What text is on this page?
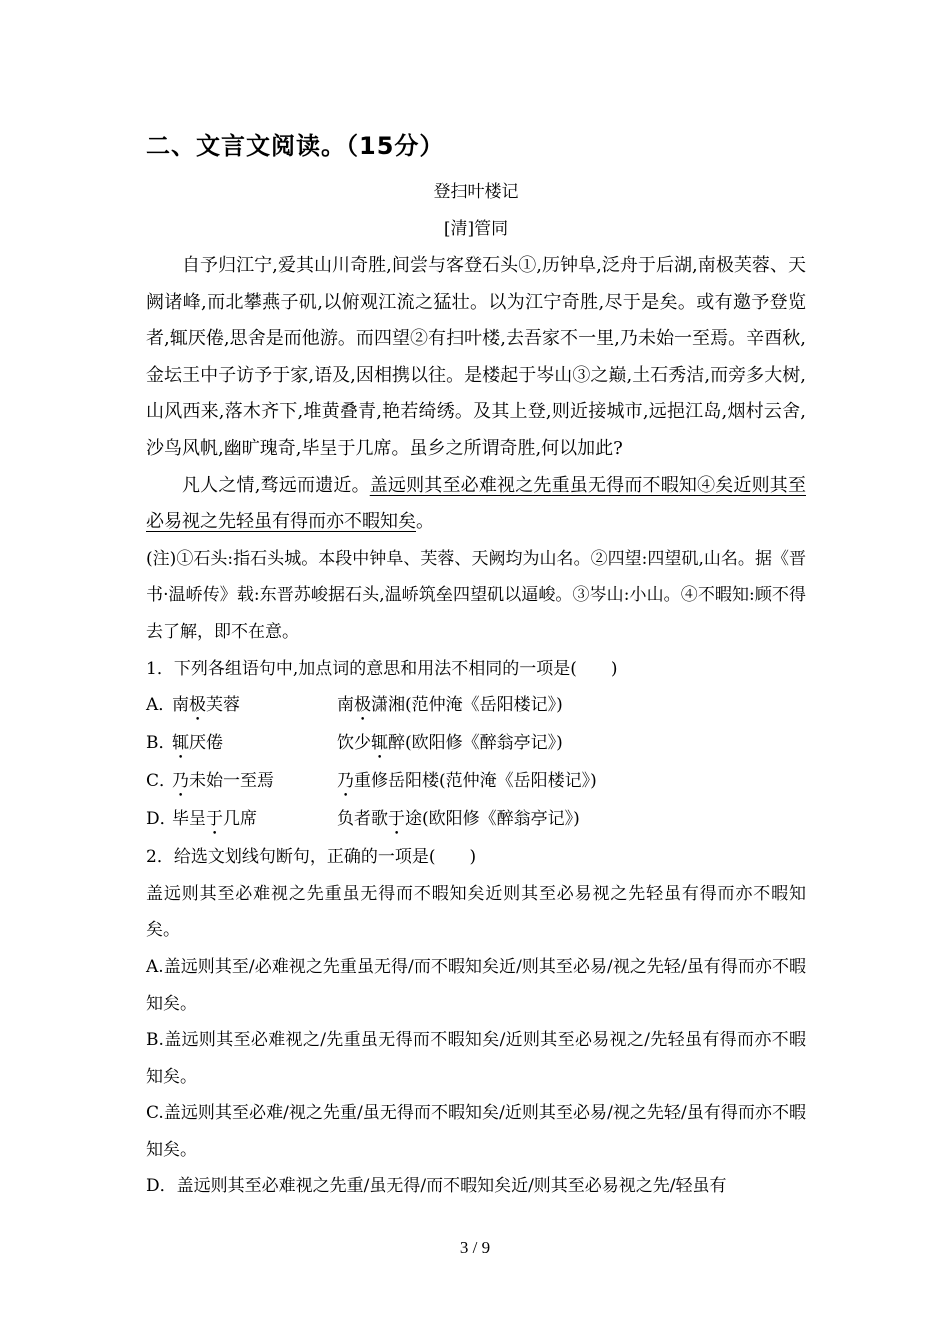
二、文言文阅读。（15分）
登扫叶楼记
[清]管同

自予归江宁,爱其山川奇胜,间尝与客登石头①,历钟阜,泛舟于后湖,南极芙蓉、天阙诸峰,而北攀燕子矶,以俯观江流之猛壮。以为江宁奇胜,尽于是矣。或有邀予登览者,辄厌倦,思舍是而他游。而四望②有扫叶楼,去吾家不一里,乃未始一至焉。辛酉秋,金坛王中子访予于家,语及,因相携以往。是楼起于岑山③之巅,土石秀洁,而旁多大树,山风西来,落木齐下,堆黄叠青,艳若绮绣。及其上登,则近接城市,远挹江岛,烟村云舍,沙鸟风帆,幽旷瑰奇,毕呈于几席。虽乡之所谓奇胜,何以加此?

凡人之情,骛远而遗近。盖远则其至必难视之先重虽无得而不暇知④矣近则其至必易视之先轻虽有得而亦不暇知矣。

(注)①石头:指石头城。本段中钟阜、芙蓉、天阙均为山名。②四望:四望矶,山名。据《晋书·温峤传》载:东晋苏峻据石头,温峤筑垒四望矶以逼峻。③岑山:小山。④不暇知:顾不得去了解，即不在意。

1．下列各组语句中,加点词的意思和用法不相同的一项是(　　)

A．
南极芙蓉	南极潇湘(范仲淹《岳阳楼记》)
B．
辄厌倦	饮少辄醉(欧阳修《醉翁亭记》)
C．
乃未始一至焉	乃重修岳阳楼(范仲淹《岳阳楼记》)
D．
毕呈于几席	负者歌于途(欧阳修《醉翁亭记》)

2．给选文划线句断句，正确的一项是(　　)

盖远则其至必难视之先重虽无得而不暇知矣近则其至必易视之先轻虽有得而亦不暇知矣。

A.盖远则其至/必难视之先重虽无得/而不暇知矣近/则其至必易/视之先轻/虽有得而亦不暇知矣。

B.盖远则其至必难视之/先重虽无得而不暇知矣/近则其至必易视之/先轻虽有得而亦不暇知矣。

C.盖远则其至必难/视之先重/虽无得而不暇知矣/近则其至必易/视之先轻/虽有得而亦不暇知矣。

D．盖远则其至必难视之先重/虽无得/而不暇知矣近/则其至必易视之先/轻虽有

3 / 9
